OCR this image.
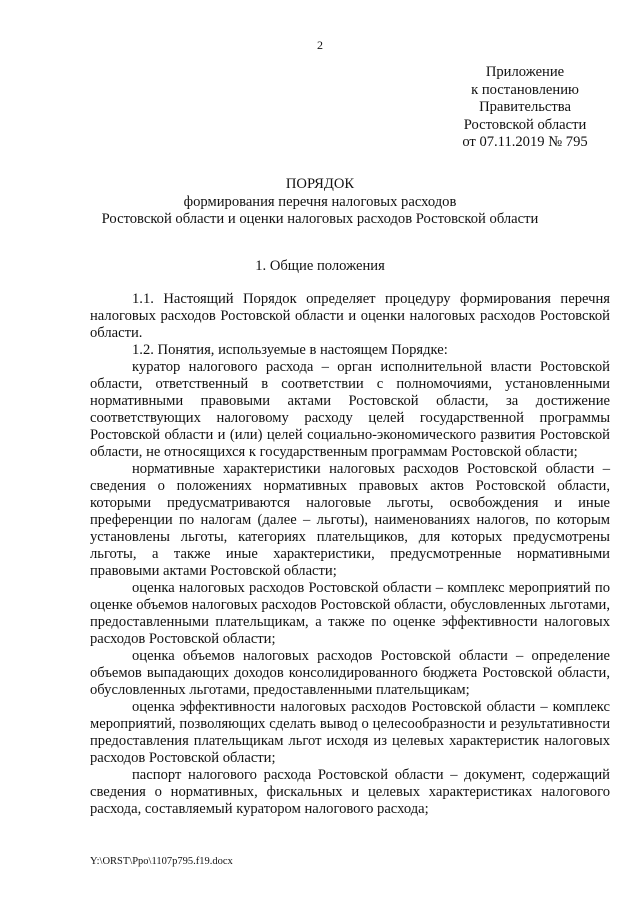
2
Приложение
к постановлению
Правительства
Ростовской области
от 07.11.2019 № 795
ПОРЯДОК
формирования перечня налоговых расходов
Ростовской области и оценки налоговых расходов Ростовской области
1. Общие положения

1.1. Настоящий Порядок определяет процедуру формирования перечня налоговых расходов Ростовской области и оценки налоговых расходов Ростовской области.

1.2. Понятия, используемые в настоящем Порядке:

куратор налогового расхода – орган исполнительной власти Ростовской области, ответственный в соответствии с полномочиями, установленными нормативными правовыми актами Ростовской области, за достижение соответствующих налоговому расходу целей государственной программы Ростовской области и (или) целей социально-экономического развития Ростовской области, не относящихся к государственным программам Ростовской области;

нормативные характеристики налоговых расходов Ростовской области – сведения о положениях нормативных правовых актов Ростовской области, которыми предусматриваются налоговые льготы, освобождения и иные преференции по налогам (далее – льготы), наименованиях налогов, по которым установлены льготы, категориях плательщиков, для которых предусмотрены льготы, а также иные характеристики, предусмотренные нормативными правовыми актами Ростовской области;

оценка налоговых расходов Ростовской области – комплекс мероприятий по оценке объемов налоговых расходов Ростовской области, обусловленных льготами, предоставленными плательщикам, а также по оценке эффективности налоговых расходов Ростовской области;

оценка объемов налоговых расходов Ростовской области – определение объемов выпадающих доходов консолидированного бюджета Ростовской области, обусловленных льготами, предоставленными плательщикам;

оценка эффективности налоговых расходов Ростовской области – комплекс мероприятий, позволяющих сделать вывод о целесообразности и результативности предоставления плательщикам льгот исходя из целевых характеристик налоговых расходов Ростовской области;

паспорт налогового расхода Ростовской области – документ, содержащий сведения о нормативных, фискальных и целевых характеристиках налогового расхода, составляемый куратором налогового расхода;

Y:\ORST\Ppo\1107p795.f19.docx
